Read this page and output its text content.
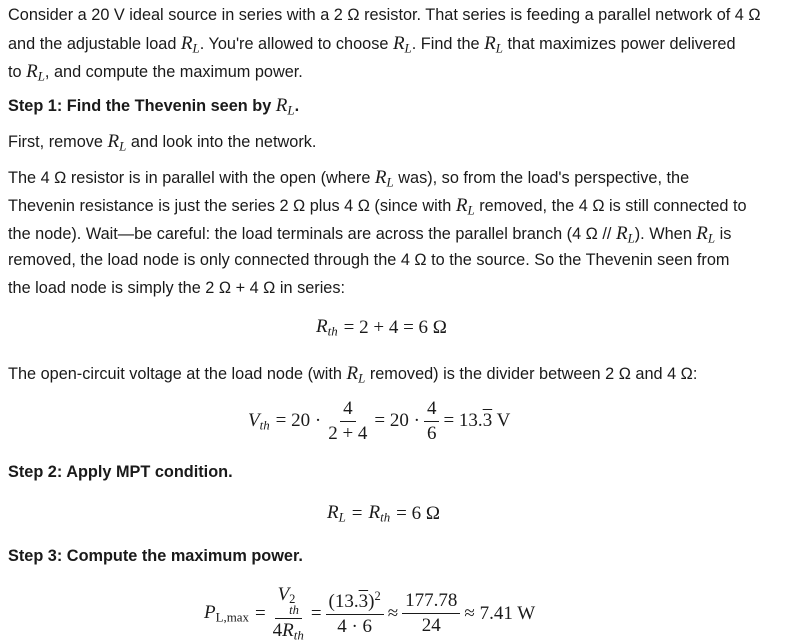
Consider a 20 V ideal source in series with a 2 Ω resistor. That series is feeding a parallel network of 4 Ω
and the adjustable load $R_L$. You're allowed to choose $R_L$. Find the $R_L$ that maximizes power delivered
to $R_L$, and compute the maximum power.
Step 1: Find the Thevenin seen by $R_L$.
First, remove $R_L$ and look into the network.
The 4 Ω resistor is in parallel with the open (where $R_L$ was), so from the load's perspective, the
Thevenin resistance is just the series 2 Ω plus 4 Ω (since with $R_L$ removed, the 4 Ω is still connected to
the node). Wait—be careful: the load terminals are across the parallel branch (4 Ω // $R_L$). When $R_L$ is
removed, the load node is only connected through the 4 Ω to the source. So the Thevenin seen from
the load node is simply the 2 Ω + 4 Ω in series:
$R_{th} = 2 + 4 = 6$ Ω
The open-circuit voltage at the load node (with $R_L$ removed) is the divider between 2 Ω and 4 Ω:
$V_{th} = 20 \cdot \frac{4}{2 + 4} = 20 \cdot \frac{4}{6} = 13$. 3 V
Step 2: Apply MPT condition.
$R_L = R_{th} = 6$ Ω
Step 3: Compute the maximum power.
PL,max = V 2
th
$4R_{th} = \frac{(13.3)^2}{4 \cdot 6} \approx \frac{177.78}{24} \approx 7.41$ W
